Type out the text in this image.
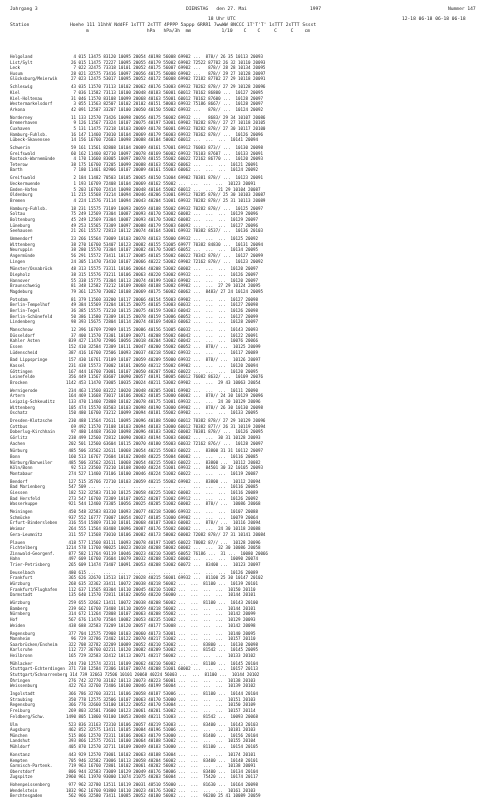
Jahrgang 3

	DIENSTAG   den 27. Mai

	1997

	Nummer 147

18 Uhr UTC

	12-18 06-18 06-18 06-18

Station

	Hoehe 111 11hhV NddFF 1sTTT 2sTTT 4PPPP 5appp 6RRR1 7wwWW 8NCCC 1T'T'T' 1sTTT 2sTTT Sssst

m                     hPa   hPa/3h  mm           1/10    C    C     C     C    cm

Helgoland	4 015 13475 83120 10095 20054 40198 56008 69902 ...  878// 26 35 10113 20093
List/Sylt	26 015 11475 72227 10095 20055 40179 55002 69902 72522 87702 26 32 10110 20093
Leck	7 022 32475 73318 10101 20052 40175 56007 69902 ...   878// 28 28 10134 20095
Husum	28 021 32575 73416 10097 20056 40175 56008 69902 ...   878// 29 27 10128 20097
Glücksburg/Meierwik	27 023 12475 53017 10095 20052 40172 56008 69902 72182 87702 27 29 10118 20091
Schleswig	43 035 11570 73113 10102 20062 40176 53003 69932 70262 878// 27 29 10128 20096
Kiel	7 036 11582 73113 10100 20048 40183 56001 60012 70162 86800 ...  10127 20095
Kiel-Holtenau	31 046 11570 83108 10099 20068 40163 55001 60012 70162 87600 ...  10128 20097
Westermarkelsdorf	3 055 11563 82507 10102 20102 40151 58003 69932 75186 8667/ ...  10128 20097
Arkona	42 091 12587 33207 10100 20050 40150 55002 69932 ...   878// ...  10124 20092
Norderney	11 133 12570 73426 10098 20056 40175 56002 69932 ...   8683/ 29 34 10107 20086
Bremerhaven	9 126 11567 73324 10107 20075 40197 53001 69902 70282 878// 27 27 10118 20105
Cuxhaven	5 131 11475 73218 10103 20069 40178 56001 69932 70282 878// 27 30 10117 20100
Hamburg-Fuhlsb.	16 147 11460 73010 10104 20069 40179 56003 69932 70362 878// ...  10126 20096
Lübeck-Skavensee	14 156 16760 72603 10098 20088 40184 50002 60012 ...  ...  ...  10141 20094
Schwerin	59 161 11561 82808 10104 20089 40161 57001 69912 76083 873// ...  10130 20098
Greifswald	60 162 11460 82710 10097 20078 40169 56002 69932 76103 87607 ...  10133 20091
Rostock-Warnemünde	4 170 11660 83005 10097 20078 40155 55002 60022 72162 86770 ...  10120 20093
Teterow	38 175 16760 73205 10099 20088 40163 55002 60062 ...  ...  ...  10121 20091
Barth	7 180 11461 82906 10107 20089 40161 55003 60062 ...  ...  ...  10124 20092
Greifswald	2 184 11482 70503 10105 20065 40150 51004 69902 70381 878// ...  10123 20091
Ueckermuende	1 193 16769 72408 10104 20069 40162 55002 ...  ...  ...  ...  10123 20091
Emden-Hafen	5 203 16760 72414 10098 20048 40164 55002 60012 ...  ...  21 29 10104 20087
Oldenburg	11 215 15568 73214 10094 20046 40206 51001 69912 70285 878// 25 30 10103 20087
Bremen	4 224 11576 73114 10094 20043 40204 51001 69932 70282 878// 25 31 10113 20089
Hamburg-Fuhlsb.	18 231 15575 73109 10093 20059 40188 55002 69932 70282 878// ...  10125 20097
Soltau	75 249 12569 73304 10087 20093 40170 53002 60082 ...  ...  ...  10129 20096
Boltenburg	45 249 12569 73304 10087 20093 40170 53002 60082 ...  ...  ...  10129 20097
Lüneburg	49 253 15565 73309 10097 20088 40179 55003 60092 ...  ...  ...  10127 20096
Seehausen	21 261 15572 72813 10112 20074 40164 53001 69932 70382 8537/ ...  10136 20103
Ummendorf	23 266 15564 73009 10103 20078 40163 55000 69932 ...  ...  ...  10125 20092
Wittenberg	38 270 16760 53407 10123 20082 40155 51005 69977 70382 84830 ...  10131 20094
Neuruppin	38 280 15570 73304 10107 20082 40170 53005 60052 ...  ...  ...  10134 20095
Angermünde	56 291 15572 73411 10117 20085 40165 55002 60022 70342 878// ...  10127 20099
Lingen	24 305 11470 73410 10107 20066 40222 53002 69902 72162 878// ...  10123 20092
Münster/Osnabrück	48 313 15575 73311 10106 20064 40208 53002 60002 ...  ...  ...  10120 20097
Diepholz	38 315 15576 73211 10106 20063 40220 53002 69932 ...  ...  ...  10126 20097
Hannover	55 338 15775 73304 10113 20074 40199 51003 69902 ...  ...  ...  10120 20097
Braunschweig	81 348 12582 73212 10109 20068 40188 53002 69902 ...  ...  27 29 10124 20095
Magdeburg	79 361 12570 73002 10108 20069 40175 56002 60062 ...  8483/ 27 24 10124 20095
Potsdam	81 379 11560 33200 10117 20066 40154 55003 69902 ...  ...  ...  10127 20098
Berlin-Tempelhof	49 384 15569 73204 10115 20075 40165 53003 60032 ...  ...  ...  10127 20098
Berlin-Tegel	36 385 15575 73210 10115 20075 40159 53003 60042 ...  ...  ...  10126 20098
Berlin-Schönefeld	50 386 11580 73309 10115 20078 40159 53006 60052 ...  ...  ...  10127 20099
Lindenberg	98 393 15675 72804 10114 20074 40169 54003 60062 ...  ...  ...  10128 20097
Manschnow	12 396 16769 72909 10115 20086 40156 51005 60032 ...  ...  ...  10143 20093
Düsseldorf	37 400 11570 73301 10109 20071 40208 55002 60042 ...  ...  ...  10122 20091
Kahler Asten	839 427 11470 72906 10056 20018 40204 53002 60042 ...  ...  ...  10076 20066
Essen	152 410 32584 72309 10111 20047 40200 55002 60052 ...  878// ...  10125 20099
Lüdenscheid	387 416 16760 72506 10093 20037 40218 55002 69932 ...  ...  ...  10117 20089
Bad Lippspringe	157 430 16761 73109 10107 20059 40209 55000 69932 ...  878// ...  10126 20097
Kassel	231 438 15573 73002 10101 20050 40212 55002 69902 ...  ...  ...  10120 20094
Göttingen	167 444 16760 73001 10107 20050 40207 55002 60022 ...  ...  ...  10120 20095
Leinefelde	356 449 11567 83607 10090 20057 40191 58005 60012 76082 8632/ ...  10109 20076
Brocken	1142 453 11470 73005 10035 20024 40211 53002 69902 ...  ...  29 43 10063 20054
Wernigerode	234 463 11560 83222 10020 20048 40205 53001 69902 ...  ...  ...  10111 20090
Artern	164 469 11668 73017 10106 20062 40185 53000 60002 ...  878// 24 30 10129 20096
Leipzig-Schkeuditz	133 470 11460 72808 10102 20078 40175 51001 69932 ...  ...  24 30 10129 20096
Wittenberg	105 474 15570 83503 10103 20098 40190 53000 69902 ...  878// 26 30 10130 20098
Oschatz	150 480 16760 73212 10099 20094 40181 55002 69902 ...  ...  ...  10133 20095
Dresden-Klotzsche	230 488 11564 72611 10095 20096 40188 55000 60012 70382 878// 27 29 10129 20096
Cottbus	69 492 11570 73108 10103 20094 40183 53000 60012 70382 877// 26 31 10119 20094
Doberlug-Kirchhain	97 480 14468 73610 10098 20096 40183 53002 60002 70381 878// ...  10126 20095
Görlitz	238 499 12560 72812 10090 20083 40194 53003 60002 ...  ...  30 31 10128 20093
Aachen	202 501 12560 63604 10115 20070 40180 55003 60032 72162 876// ...  10128 20097
Nürburg	485 506 33562 32611 10068 20054 40215 55003 60022 ...  83800 31 31 10112 20097
Bonn	160 513 16767 72604 10102 20048 40225 55004 60002 ...  ...  ...  10116 20085
Nürburg/Barweiler	485 506 33562 32611 10068 20054 40215 55003 60022 ...  83800 ...  10112 20082
Köln/Bonn	92 513 23560 73210 10108 20040 40224 51001 69932 ...  84501 30 32 10105 20093
Montabaur	274 527 11460 73106 10100 20046 40224 51002 60022 ...  ...  ...  10119 20087
Bendorf	127 515 35766 72710 10103 20059 40215 55002 69902 ...  83800 ...  10112 20094
Bad Marienberg	547 509 ...   ...   ...   ...   ...   ...   ...   ...  ...  ...  10116 20085
Giessen	182 532 32583 73110 10125 20058 40225 51002 60002 ...  ...  ...  10116 20089
Bad Hersfeld	273 547 16760 72309 10107 20052 40207 51002 69912 ...  ...  ...  10126 20092
Wasserkuppe	921 544 12460 73305 10056 20025 40205 51002 60002 ...  878// ...  10086 20068
Meiningen	450 548 32583 83310 10093 20077 40218 53006 69932 ...  ...  ...  10107 20088
Schmücke	937 552 16777 73007 10054 20027 40185 51000 69902 ...  ...  ...  10079 20064
Erfurt-Bindersleben	316 554 15869 73110 10101 20068 40187 53003 60002 ...  878// ...  10116 20094
Weimar	264 555 11564 83408 10096 20087 40176 55002 60002 ...  ...  24 30 10118 20088
Gera-Leumnitz	311 557 11568 73010 10106 20082 40173 58002 60002 72082 878// 27 31 10141 20084
Plauen	418 577 11560 83111 10093 20078 40197 51005 60022 78082 87// ...  10128 20096
Fichtelberg	1214 578 11760 90025 10023 20018 40208 50002 60002 ...  ...  32 30 10086 20058
Zinnwald-Georgenf.	877 582 11764 93119 10046 20023 40210 53005 60052 76186 ...  31 ...  10080 20066
Hahn	497 609 16760 73604 10079 20032 40208 53002 60002 ...  ...  ...  10090 20074
Trier-Petrisberg	265 609 11474 73407 10091 20053 40208 53002 60072 ...  83400 ...  10123 20097
Deuselbach	480 615 ...   ...   ...   ...   ...   ...   ...   ...  ...  ...  10126 20089
Frankfurt	365 626 32670 13513 10117 20028 40215 56001 69932 ...  81100 25 30 10147 20102
Würzburg	268 635 32362 33411 10072 20038 40218 56002 ...  ...  81100 ...  10139 20101
Frankfurt/Flughafen	112 637 11565 83304 10110 20045 40210 51002 ...  ...  ...  ...  10150 20110
Darmstadt	135 640 11570 72811 10102 20050 40220 56000 ...  ...  ...  ...  10144 20101
Würzburg	259 655 32662 13411 10072 20038 40208 56002 ...  ...  81100 ...  10143 20100
Bamberg	239 662 16760 73408 10110 20059 40218 56002 ...  ...  ...  ...  10144 20101
Nürnberg	314 672 11264 72808 10107 20063 40208 55002 ...  ...  ...  ...  10142 20099
Hof	567 676 11470 73504 10082 20053 40235 51002 ...  ...  ...  ...  10129 20093
Weiden	438 688 32583 73209 10120 20057 40177 53008 ...  ...  ...  ...  10142 20098
Regensburg	377 704 12575 72908 10103 20060 40173 53001 ...  ...  ...  ...  10140 20095
Mannheim	96 729 32786 72402 10122 20070 40217 51002 ...  ...  ...  ...  10157 20110
Saarbrücken/Ensheim	322 708 32782 32209 10089 20052 40210 53002 ...  ...  83800 ...  10130 20098
Karlsruhe	112 727 36760 02211 10120 20082 40209 53002 ...  ...  81542 ...  10145 20095
Heilbronn	165 729 32583 32412 10113 20071 40217 56002 ...  ...  ...  ...  10133 20102
Mühlacker	244 730 12574 32311 10109 20062 40210 56002 ...  ...  81100 ...  10145 20104
Stuttgart-Echterdingen 371 738 12584 72306 10107 20074 40208 51001 60002 ...  ...  ...  10157 20113
Stuttgart/Schnarrenberg 314 739 32663 72506 10101 20068 40224 56003 ...  ...  81100 ...  10144 20102
Öhringen	276 742 32770 33102 10113 20073 40223 56001 ...  ...  ...  ...  10138 20103
Weissenburg	422 763 32760 72406 10100 20046 40199 56004 ...  ...  ...  ...  10139 20102
Ingolstadt	366 786 32760 33211 10106 20058 40187 53006 ...  ...  81100 ...  10144 20104
Straubing	350 778 12575 32506 10107 20063 40170 53000 ...  ...  ...  ...  10151 20103
Regensburg	366 776 32660 53100 10122 20052 40170 53004 ...  ...  ...  ...  10150 20109
Freiburg	269 803 32581 73600 10123 20061 40201 53002 ...  ...  ...  ...  10157 20114
Feldberg/Schw.	1490 805 11860 93100 10053 20048 40211 51003 ...  ...  81542 ...  10093 20068
Ulm	523 836 31163 72310 10106 20057 40219 53003 ...  ...  83400 ...  10143 20103
Augsburg	462 852 32575 13411 10105 20084 40196 51006 ...  ...  ...  ...  10181 20103
München	515 866 12570 72311 10106 20063 40179 53000 ...  ...  81400 ...  10156 20104
Landshut	393 866 12575 72611 10100 20064 40188 53002 ...  ...  ...  ...  10155 20104
Mühldorf	405 870 12570 32711 10109 20049 40183 53000 ...  ...  81100 ...  10154 20105
Konstanz	443 929 12570 73001 10102 20063 40188 53004 ...  ...  ...  ...  10174 20101
Kempten	705 946 32582 73006 10113 20058 40204 56002 ...  ...  83400 ...  10148 20101
Garmisch-Partenk.	719 963 16760 72801 10102 20061 40202 56002 ...  ...  ...  ...  10138 20091
Oberstdorf	806 944 32583 73009 10129 20049 40176 58006 ...  ...  83400 ...  10134 20104
Zugspitze	2960 961 11970 93000 11074 21075 40203 56004 ...  ...  75420 ...  10174 20117
Hohenpeissenberg	977 962 32780 13511 10119 20031 48510 55000 ...  ...  81630 ...  10164 20098
Wendelstein	1832 962 16760 91800 10110 20023 40176 53002 ...  ...  ...  ...  10161 20103
Berchtesgaden	562 966 32580 73411 10085 20052 40180 56002 ...  ...  96200 25 41 10089 20059
